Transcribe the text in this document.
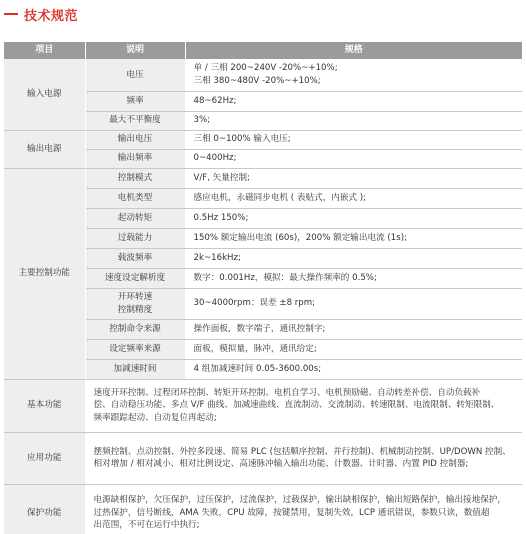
技术规范
项目	说明	规格
输入电源	电压	单 / 三相 200~240V -20%~+10%;
三相 380~480V -20%~+10%;

	频率	48~62Hz;
	最大不平衡度	3%;
输出电源	输出电压	三相 0~100% 输入电压;
	输出频率	0~400Hz;
主要控制功能	控制模式	V/F, 矢量控制;
	电机类型	感应电机，永磁同步电机 ( 表贴式，内嵌式 );
	起动转矩	0.5Hz 150%;
	过载能力	150% 额定输出电流 (60s)，200% 额定输出电流 (1s);
	载波频率	2k~16kHz;
	速度设定解析度	数字：0.001Hz，模拟：最大操作频率的 0.5%;

	开环转速
控制精度	30~4000rpm：误差 ±8 rpm;
	控制命令来源	操作面板，数字端子，通讯控制字;
	设定频率来源	面板，模拟量，脉冲，通讯给定;
	加减速时间	4 组加减速时间 0.05-3600.00s;
基本功能	速度开环控制、过程闭环控制、转矩开环控制、电机自学习、电机预励磁、自动转差补偿、自动负载补
偿、自动稳压功能、多点 V/F 曲线、加减速曲线、直流制动、交流制动、转速限制、电流限制、转矩限制、
频率跟踪起动、自动复位再起动;	

应用功能	摆频控制、点动控制、外控多段速、简易 PLC (包括顺序控制、并行控制)、机械制动控制、UP/DOWN 控制、
相对增加 / 相对减小、相对比例设定、高速脉冲输入输出功能、计数器、计时器、内置 PID 控制器;	

保护功能	电源缺相保护，欠压保护，过压保护，过流保护，过载保护，输出缺相保护，输出短路保护，输出接地保护，
过热保护，信号断线，AMA 失败，CPU 故障，按键禁用，复制失效，LCP 通讯错误，参数只读，数值超
出范围，不可在运行中执行;	
